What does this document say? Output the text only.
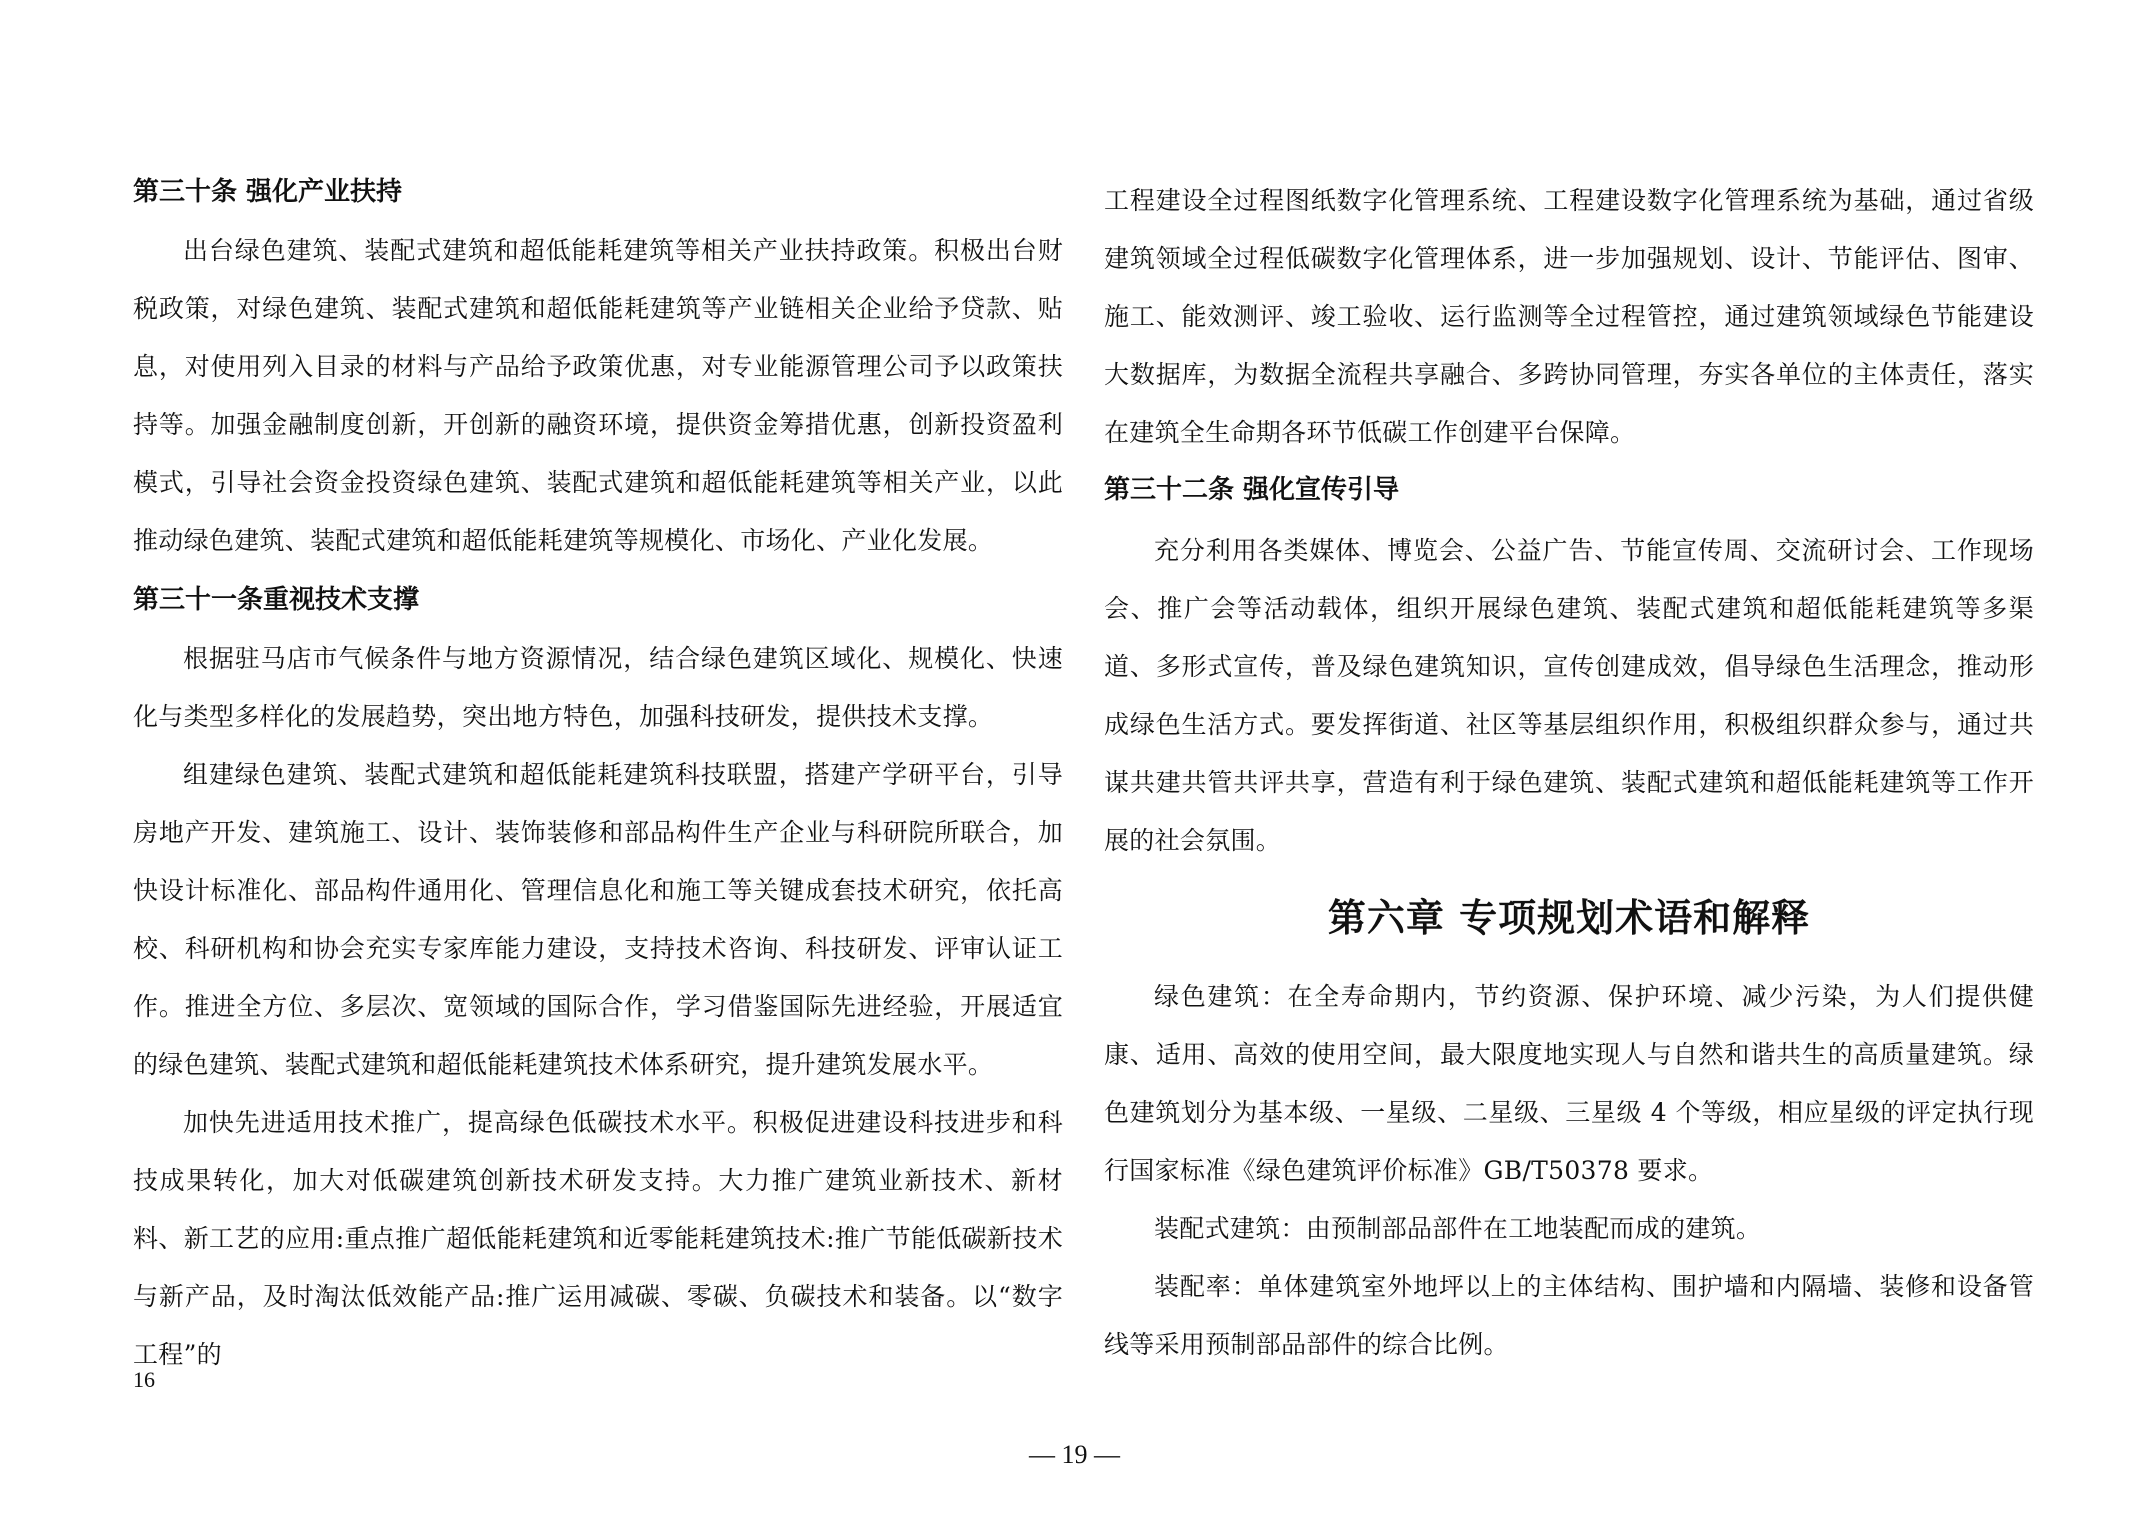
第三十条 强化产业扶持

出台绿色建筑、装配式建筑和超低能耗建筑等相关产业扶持政策。积极出台财税政策，对绿色建筑、装配式建筑和超低能耗建筑等产业链相关企业给予贷款、贴息，对使用列入目录的材料与产品给予政策优惠，对专业能源管理公司予以政策扶持等。加强金融制度创新，开创新的融资环境，提供资金筹措优惠，创新投资盈利模式，引导社会资金投资绿色建筑、装配式建筑和超低能耗建筑等相关产业，以此推动绿色建筑、装配式建筑和超低能耗建筑等规模化、市场化、产业化发展。

第三十一条重视技术支撑

根据驻马店市气候条件与地方资源情况，结合绿色建筑区域化、规模化、快速化与类型多样化的发展趋势，突出地方特色，加强科技研发，提供技术支撑。

组建绿色建筑、装配式建筑和超低能耗建筑科技联盟，搭建产学研平台，引导房地产开发、建筑施工、设计、装饰装修和部品构件生产企业与科研院所联合，加快设计标准化、部品构件通用化、管理信息化和施工等关键成套技术研究，依托高校、科研机构和协会充实专家库能力建设，支持技术咨询、科技研发、评审认证工作。推进全方位、多层次、宽领域的国际合作，学习借鉴国际先进经验，开展适宜的绿色建筑、装配式建筑和超低能耗建筑技术体系研究，提升建筑发展水平。

加快先进适用技术推广，提高绿色低碳技术水平。积极促进建设科技进步和科技成果转化，加大对低碳建筑创新技术研发支持。大力推广建筑业新技术、新材料、新工艺的应用:重点推广超低能耗建筑和近零能耗建筑技术:推广节能低碳新技术与新产品，及时淘汰低效能产品:推广运用减碳、零碳、负碳技术和装备。以“数字工程”的

16

工程建设全过程图纸数字化管理系统、工程建设数字化管理系统为基础，通过省级建筑领域全过程低碳数字化管理体系，进一步加强规划、设计、节能评估、图审、施工、能效测评、竣工验收、运行监测等全过程管控，通过建筑领域绿色节能建设大数据库，为数据全流程共享融合、多跨协同管理，夯实各单位的主体责任，落实在建筑全生命期各环节低碳工作创建平台保障。

第三十二条 强化宣传引导

充分利用各类媒体、博览会、公益广告、节能宣传周、交流研讨会、工作现场会、推广会等活动载体，组织开展绿色建筑、装配式建筑和超低能耗建筑等多渠道、多形式宣传，普及绿色建筑知识，宣传创建成效，倡导绿色生活理念，推动形成绿色生活方式。要发挥街道、社区等基层组织作用，积极组织群众参与，通过共谋共建共管共评共享，营造有利于绿色建筑、装配式建筑和超低能耗建筑等工作开展的社会氛围。

第六章 专项规划术语和解释

绿色建筑：在全寿命期内，节约资源、保护环境、减少污染，为人们提供健康、适用、高效的使用空间，最大限度地实现人与自然和谐共生的高质量建筑。绿色建筑划分为基本级、一星级、二星级、三星级 4 个等级，相应星级的评定执行现行国家标准《绿色建筑评价标准》GB/T50378 要求。

装配式建筑：由预制部品部件在工地装配而成的建筑。

装配率：单体建筑室外地坪以上的主体结构、围护墙和内隔墙、装修和设备管线等采用预制部品部件的综合比例。

— 19 —
